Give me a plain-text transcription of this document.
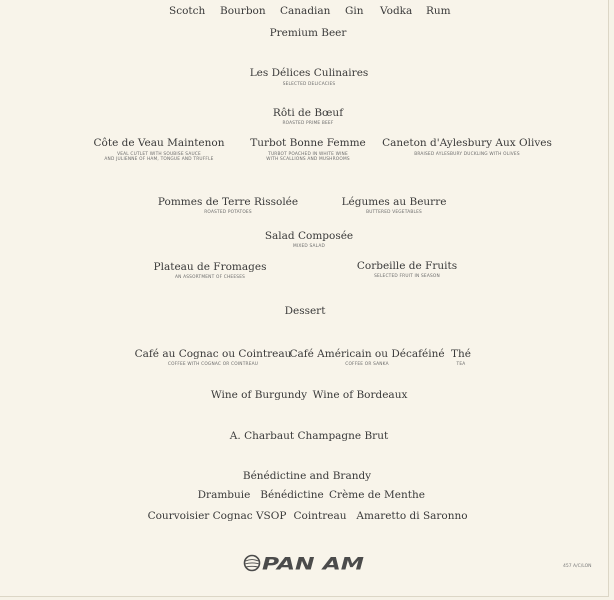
Scotch Bourbon Canadian Gin Vodka Rum
Premium Beer
Les Délices Culinaires
SELECTED DELICACIES
Rôti de Bœuf
ROASTED PRIME BEEF
Côte de Veau Maintenon
VEAL CUTLET WITH SOUBISE SAUCE
AND JULIENNE OF HAM, TONGUE AND TRUFFLE
Turbot Bonne Femme
TURBOT POACHED IN WHITE WINE
WITH SCALLIONS AND MUSHROOMS
Caneton d'Aylesbury Aux Olives
BRAISED AYLESBURY DUCKLING WITH OLIVES
Pommes de Terre Rissolée
ROASTED POTATOES
Légumes au Beurre
BUTTERED VEGETABLES
Salad Composée
MIXED SALAD
Plateau de Fromages
AN ASSORTMENT OF CHEESES
Corbeille de Fruits
SELECTED FRUIT IN SEASON
Dessert
Café au Cognac ou Cointreau
COFFEE WITH COGNAC OR COINTREAU
Café Américain ou Décaféiné
COFFEE OR SANKA
Thé
TEA
Wine of Burgundy Wine of Bordeaux
A. Charbaut Champagne Brut
Bénédictine and Brandy
Drambuie Bénédictine Crème de Menthe
Courvoisier Cognac VSOP Cointreau Amaretto di Saronno
PAN AM	457 A/C/LON
